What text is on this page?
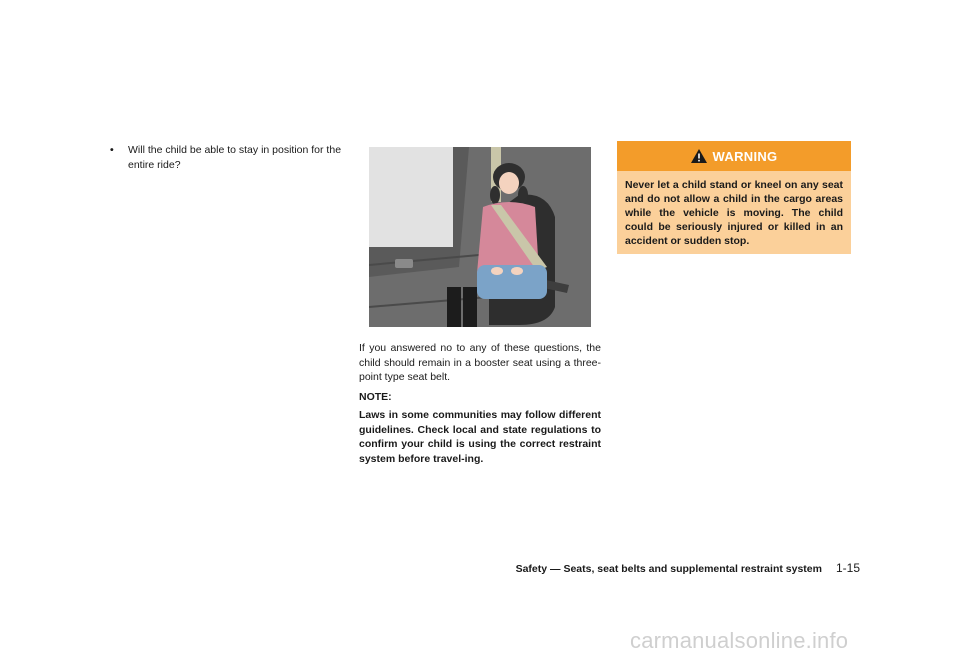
•	Will the child be able to stay in position for the entire ride?
If you answered no to any of these questions, the child should remain in a booster seat using a three-point type seat belt.
NOTE:
Laws in some communities may follow different guidelines. Check local and state regulations to confirm your child is using the correct restraint system before travel-ing.
WARNING
Never let a child stand or kneel on any seat and do not allow a child in the cargo areas while the vehicle is moving. The child could be seriously injured or killed in an accident or sudden stop.
Safety — Seats, seat belts and supplemental restraint system 1-15
carmanualsonline.info
